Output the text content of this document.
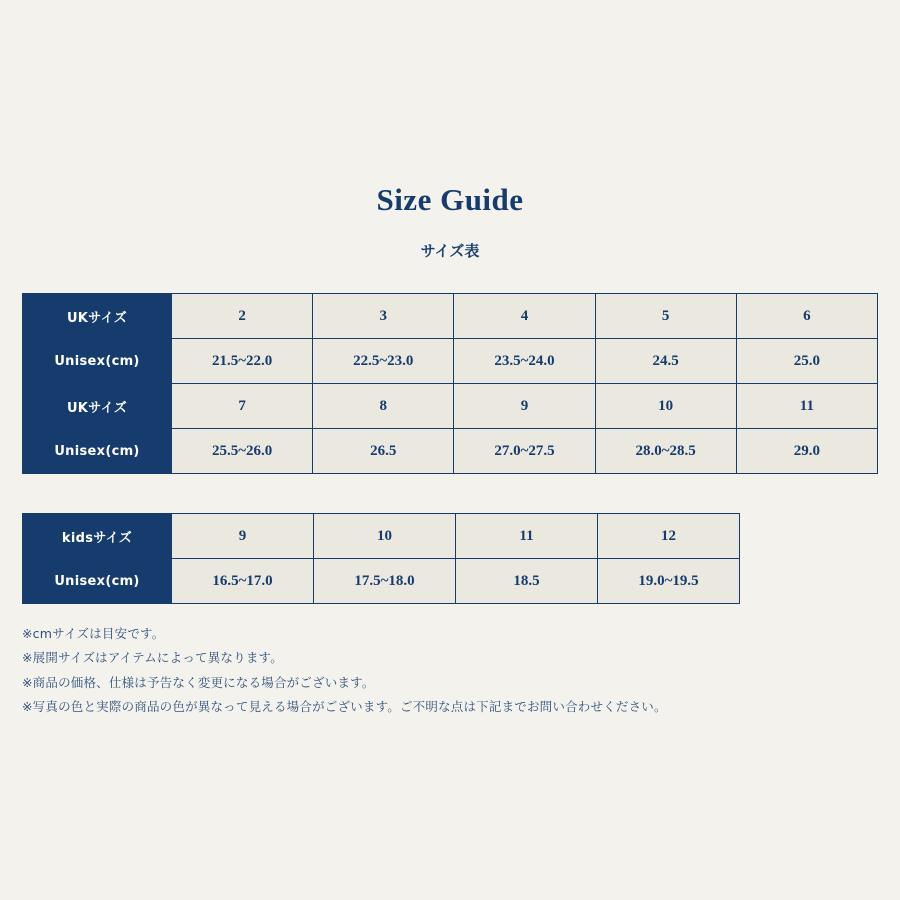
Size Guide
サイズ表
UKサイズ	2	3	4	5	6
Unisex(cm)	21.5~22.0	22.5~23.0	23.5~24.0	24.5	25.0
UKサイズ	7	8	9	10	11
Unisex(cm)	25.5~26.0	26.5	27.0~27.5	28.0~28.5	29.0
kidsサイズ	9	10	11	12	
Unisex(cm)	16.5~17.0	17.5~18.0	18.5	19.0~19.5	
※cmサイズは目安です。
※展開サイズはアイテムによって異なります。
※商品の価格、仕様は予告なく変更になる場合がございます。
※写真の色と実際の商品の色が異なって見える場合がございます。ご不明な点は下記までお問い合わせください。
